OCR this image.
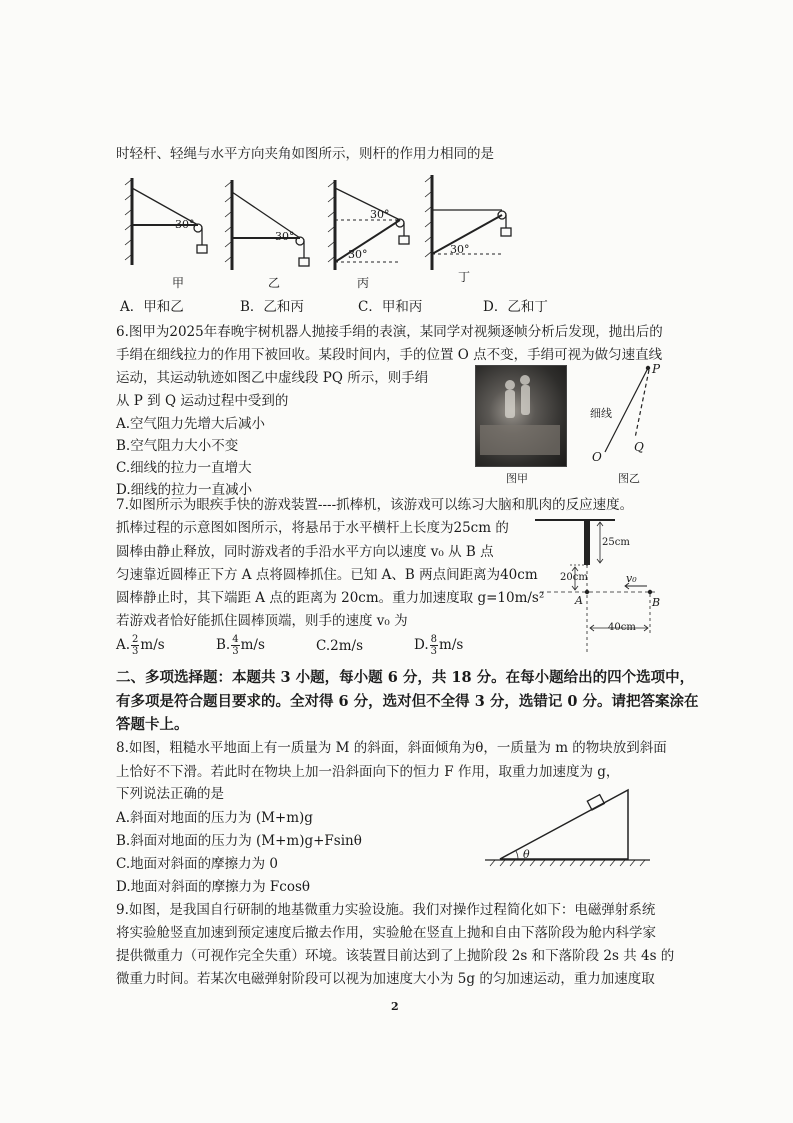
时轻杆、轻绳与水平方向夹角如图所示，则杆的作用力相同的是
30°
30°
30°
30°	30°
甲	乙	丙	丁
A．甲和乙	B．乙和丙	C．甲和丙	D．乙和丁
6.图甲为2025年春晚宇树机器人抛接手绢的表演，某同学对视频逐帧分析后发现，抛出后的
手绢在细线拉力的作用下被回收。某段时间内，手的位置 O 点不变，手绢可视为做匀速直线
运动，其运动轨迹如图乙中虚线段 PQ 所示，则手绢
从 P 到 Q 运动过程中受到的
A.空气阻力先增大后减小
B.空气阻力大小不变
C.细线的拉力一直增大
D.细线的拉力一直减小
P
Q
O
细线
图甲	图乙
7.如图所示为眼疾手快的游戏装置----抓棒机，该游戏可以练习大脑和肌肉的反应速度。
抓棒过程的示意图如图所示，将悬吊于水平横杆上长度为25cm 的
圆棒由静止释放，同时游戏者的手沿水平方向以速度 v₀ 从 B 点
匀速靠近圆棒正下方 A 点将圆棒抓住。已知 A、B 两点间距离为40cm
圆棒静止时，其下端距 A 点的距离为 20cm。重力加速度取 g=10m/s²
若游戏者恰好能抓住圆棒顶端，则手的速度 v₀ 为
A. $\frac{2}{3} m/s$	B. $\frac{4}{3} m/s$	C.2m/s	D. $\frac{8}{3} m/s$
25cm
20cm
40cm
A	B
v₀
二、多项选择题：本题共 3 小题，每小题 6 分，共 18 分。在每小题给出的四个选项中，
有多项是符合题目要求的。全对得 6 分，选对但不全得 3 分，选错记 0 分。请把答案涂在
答题卡上。
8.如图，粗糙水平地面上有一质量为 M 的斜面，斜面倾角为θ，一质量为 m 的物块放到斜面
上恰好不下滑。若此时在物块上加一沿斜面向下的恒力 F 作用，取重力加速度为 g，
下列说法正确的是
A.斜面对地面的压力为 (M+m)g
B.斜面对地面的压力为 (M+m)g+Fsinθ
C.地面对斜面的摩擦力为 0
D.地面对斜面的摩擦力为 Fcosθ
θ
9.如图，是我国自行研制的地基微重力实验设施。我们对操作过程简化如下：电磁弹射系统
将实验舱竖直加速到预定速度后撤去作用，实验舱在竖直上抛和自由下落阶段为舱内科学家
提供微重力（可视作完全失重）环境。该装置目前达到了上抛阶段 2s 和下落阶段 2s 共 4s 的
微重力时间。若某次电磁弹射阶段可以视为加速度大小为 5g 的匀加速运动，重力加速度取
2
